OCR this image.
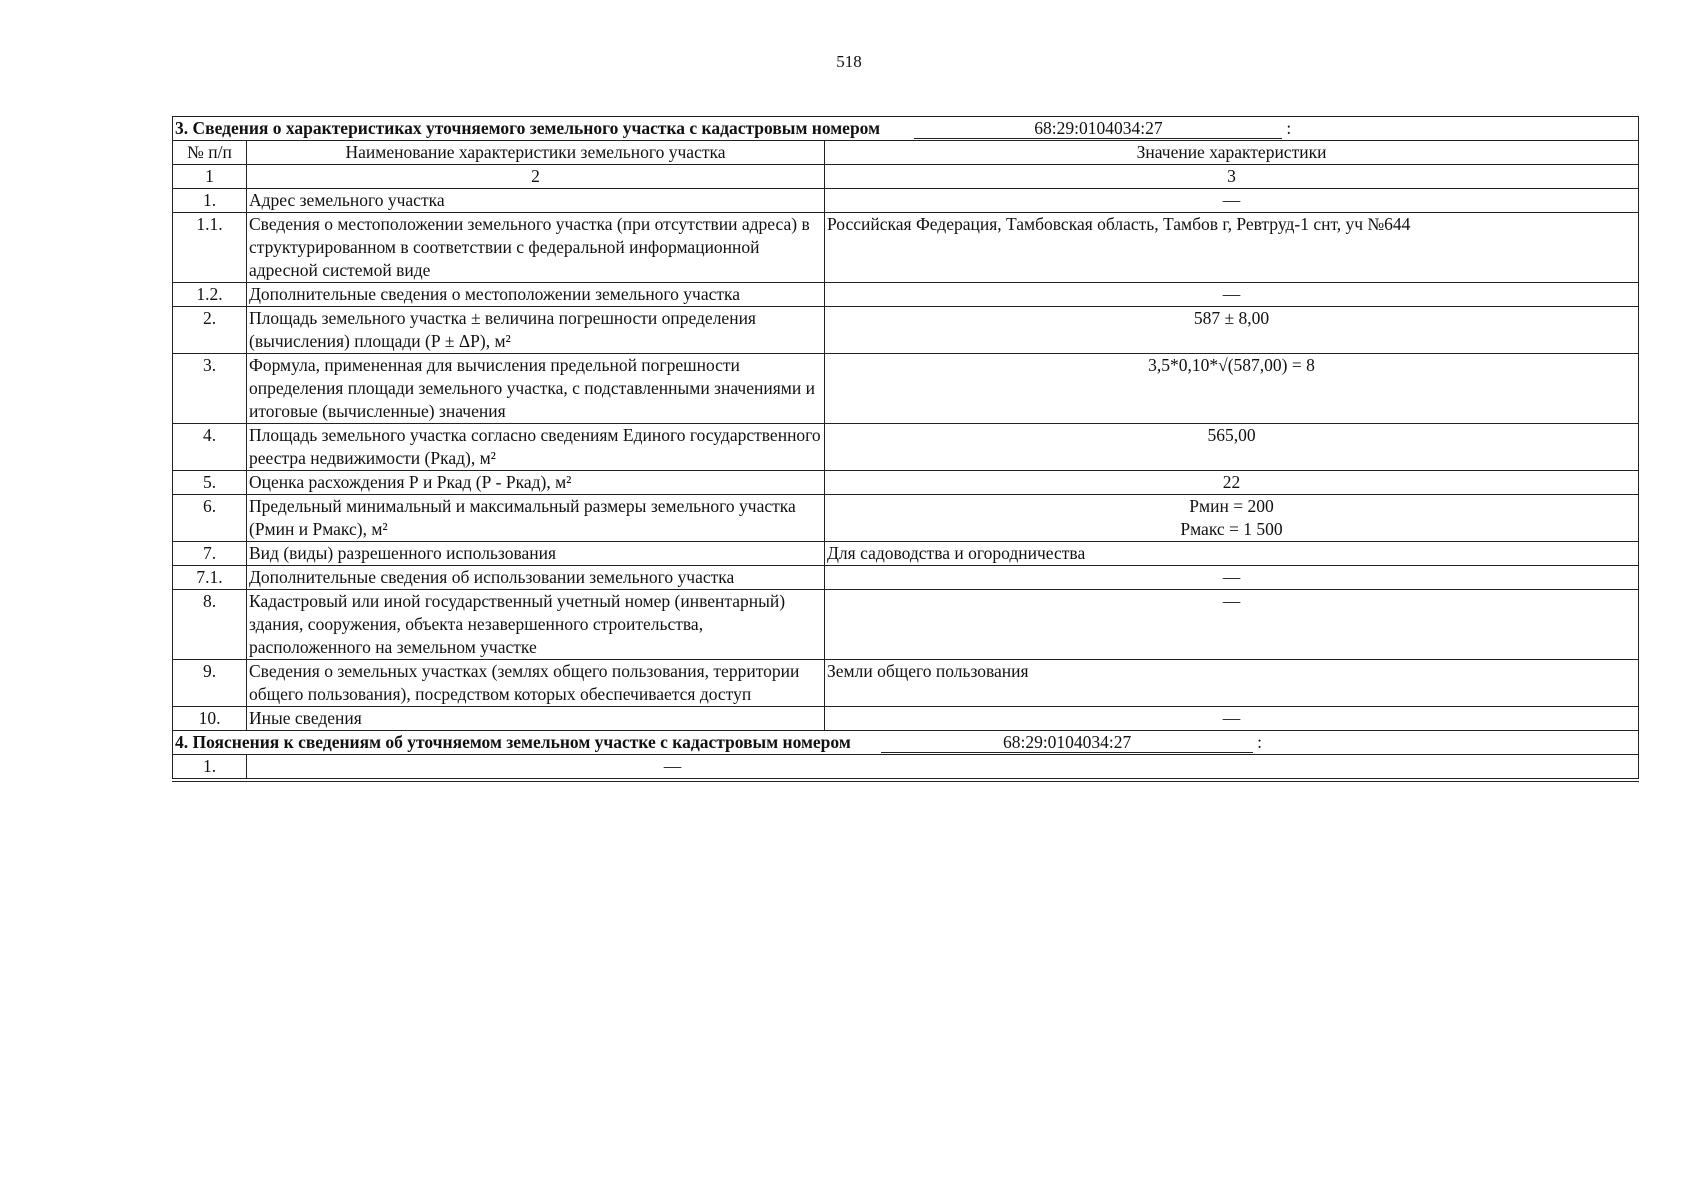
518
3. Сведения о характеристиках уточняемого земельного участка с кадастровым номером 68:29:0104034:27 :		
№ п/п	Наименование характеристики земельного участка	Значение характеристики
1	2	3
1.	Адрес земельного участка	—
1.1.	Сведения о местоположении земельного участка (при отсутствии адреса) в структурированном в соответствии с федеральной информационной адресной системой виде	Российская Федерация, Тамбовская область, Тамбов г, Ревтруд-1 снт, уч №644
1.2.	Дополнительные сведения о местоположении земельного участка	—
2.	Площадь земельного участка ± величина погрешности определения (вычисления) площади (Р ± ΔР), м²	587 ± 8,00
3.	Формула, примененная для вычисления предельной погрешности определения площади земельного участка, с подставленными значениями и итоговые (вычисленные) значения	3,5*0,10*√(587,00) = 8
4.	Площадь земельного участка согласно сведениям Единого государственного реестра недвижимости (Ркад), м²	565,00
5.	Оценка расхождения Р и Ркад (Р - Ркад), м²	22
6.	Предельный минимальный и максимальный размеры земельного участка (Рмин и Рмакс), м²	Рмин = 200
Рмакс = 1 500

7.	Вид (виды) разрешенного использования	Для садоводства и огородничества
7.1.	Дополнительные сведения об использовании земельного участка	—
8.	Кадастровый или иной государственный учетный номер (инвентарный) здания, сооружения, объекта незавершенного строительства, расположенного на земельном участке	—
9.	Сведения о земельных участках (землях общего пользования, территории общего пользования), посредством которых обеспечивается доступ	Земли общего пользования
10.	Иные сведения	—
4. Пояснения к сведениям об уточняемом земельном участке с кадастровым номером 68:29:0104034:27 :		
1.	—	
